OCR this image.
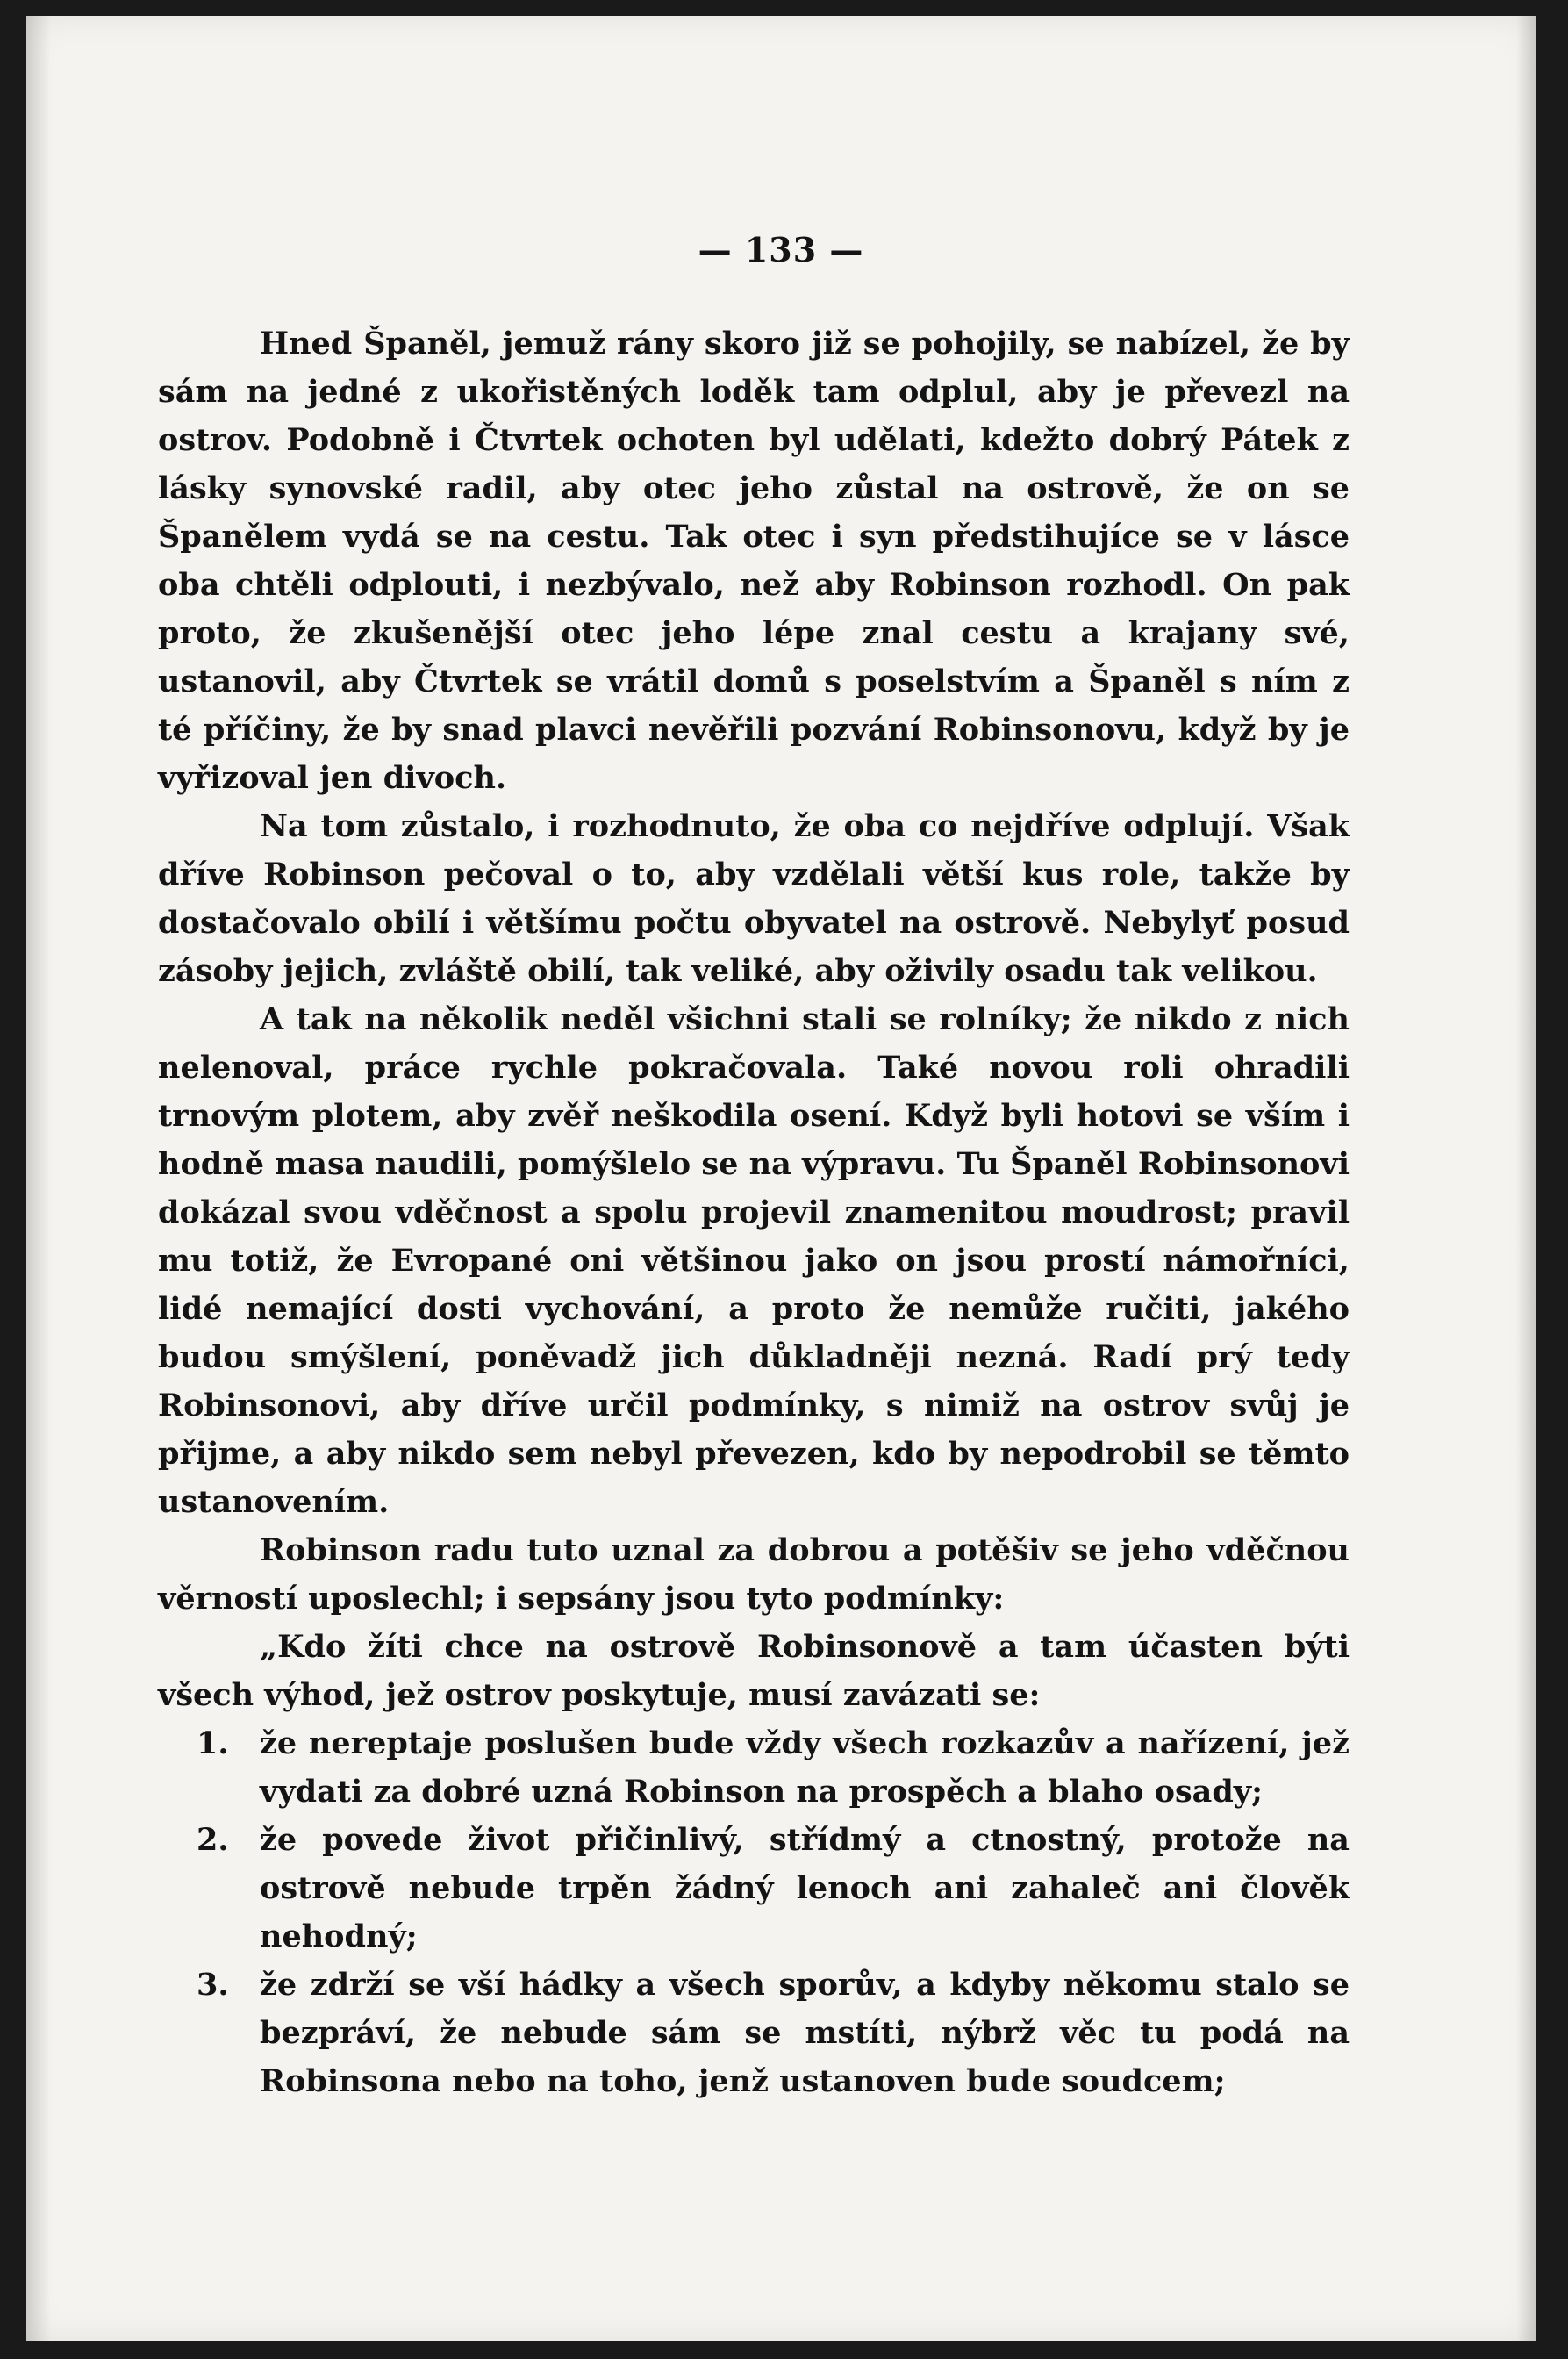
— 133 —

Hned Španěl, jemuž rány skoro již se pohojily, se nabízel, že by sám na jedné z ukořistěných loděk tam odplul, aby je převezl na ostrov. Podobně i Čtvrtek ochoten byl udělati, kdežto dobrý Pátek z lásky synovské radil, aby otec jeho zůstal na ostrově, že on se Španělem vydá se na cestu. Tak otec i syn předstihujíce se v lásce oba chtěli odplouti, i nezbývalo, než aby Robinson rozhodl. On pak proto, že zkušenější otec jeho lépe znal cestu a krajany své, ustanovil, aby Čtvrtek se vrátil domů s poselstvím a Španěl s ním z té příčiny, že by snad plavci nevěřili pozvání Robinsonovu, když by je vyřizoval jen divoch.

Na tom zůstalo, i rozhodnuto, že oba co nejdříve odplují. Však dříve Robinson pečoval o to, aby vzdělali větší kus role, takže by dostačovalo obilí i většímu počtu obyvatel na ostrově. Nebylyť posud zásoby jejich, zvláště obilí, tak veliké, aby oživily osadu tak velikou.

A tak na několik neděl všichni stali se rolníky; že nikdo z nich nelenoval, práce rychle pokračovala. Také novou roli ohradili trnovým plotem, aby zvěř neškodila osení. Když byli hotovi se vším i hodně masa naudili, pomýšlelo se na výpravu. Tu Španěl Robinsonovi dokázal svou vděčnost a spolu projevil znamenitou moudrost; pravil mu totiž, že Evropané oni většinou jako on jsou prostí námořníci, lidé nemající dosti vychování, a proto že nemůže ručiti, jakého budou smýšlení, poněvadž jich důkladněji nezná. Radí prý tedy Robinsonovi, aby dříve určil podmínky, s nimiž na ostrov svůj je přijme, a aby nikdo sem nebyl převezen, kdo by nepodrobil se těmto ustanovením.

Robinson radu tuto uznal za dobrou a potěšiv se jeho vděčnou věrností uposlechl; i sepsány jsou tyto podmínky:

„Kdo žíti chce na ostrově Robinsonově a tam účasten býti všech výhod, jež ostrov poskytuje, musí zavázati se:

1. že nereptaje poslušen bude vždy všech rozkazův a nařízení, jež vydati za dobré uzná Robinson na prospěch a blaho osady;
2. že povede život přičinlivý, střídmý a ctnostný, protože na ostrově nebude trpěn žádný lenoch ani zahaleč ani člověk nehodný;
3. že zdrží se vší hádky a všech sporův, a kdyby někomu stalo se bezpráví, že nebude sám se mstíti, nýbrž věc tu podá na Robinsona nebo na toho, jenž ustanoven bude soudcem;
